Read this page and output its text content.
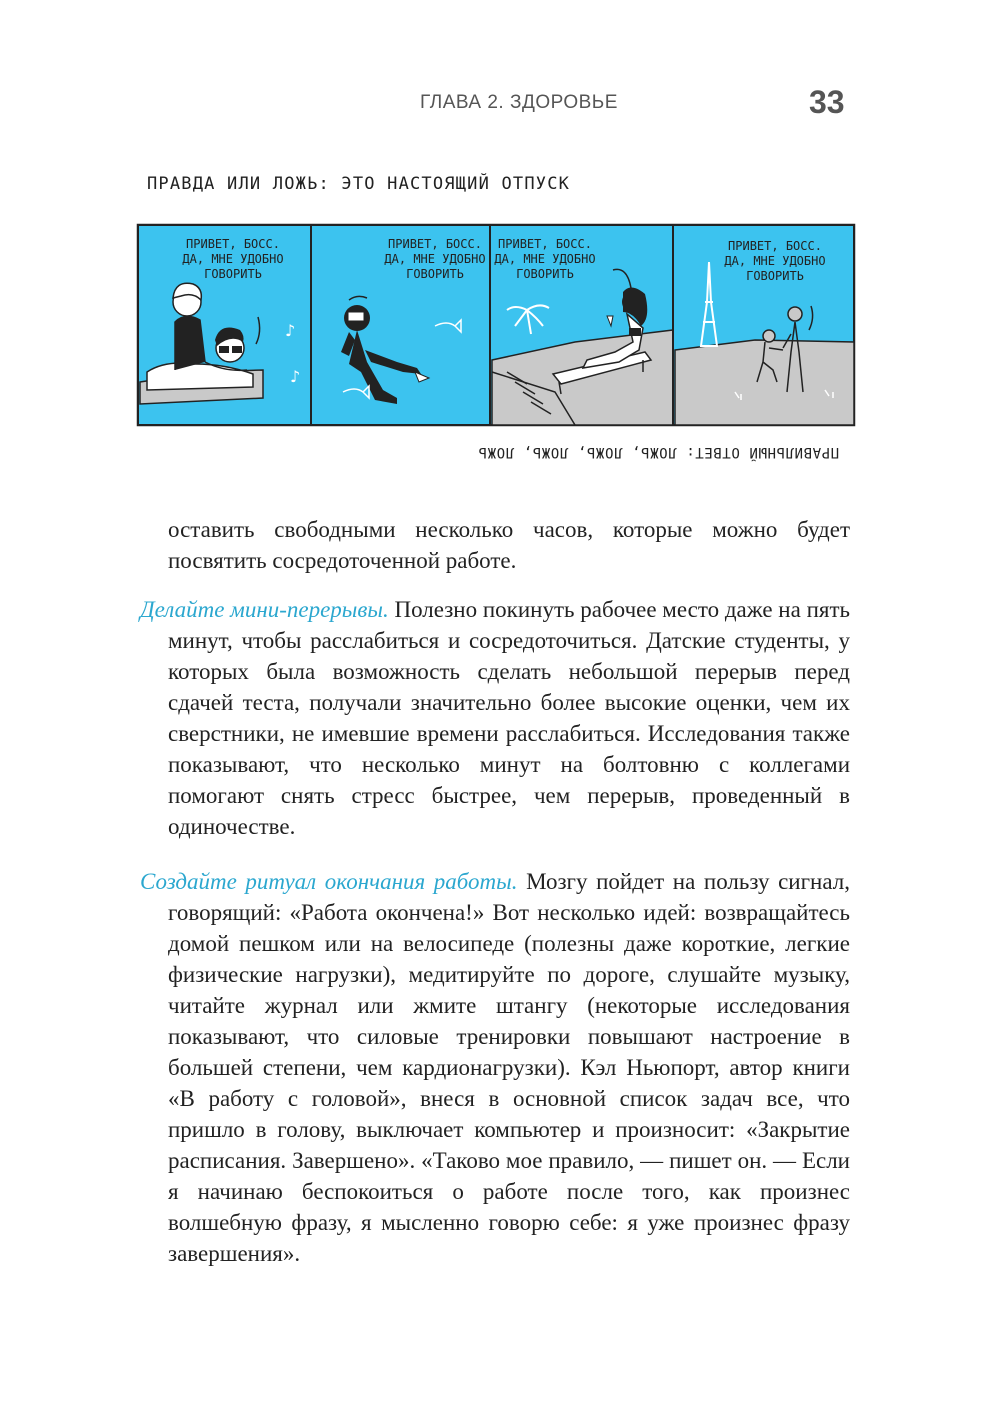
ГЛАВА 2. ЗДОРОВЬЕ	33
ПРАВДА ИЛИ ЛОЖЬ: ЭТО НАСТОЯЩИЙ ОТПУСК
♪
♪
ПРИВЕТ, БОСС.
ДА, МНЕ УДОБНО
ГОВОРИТЬ
ПРИВЕТ, БОСС.
ДА, МНЕ УДОБНО
ГОВОРИТЬ
ПРИВЕТ, БОСС.
ДА, МНЕ УДОБНО
ГОВОРИТЬ
ПРИВЕТ, БОСС.
ДА, МНЕ УДОБНО
ГОВОРИТЬ
ПРАВИЛЬНЫЙ ОТВЕТ: ЛОЖЬ, ЛОЖЬ, ЛОЖЬ, ЛОЖЬ
оставить свободными несколько часов, которые можно будет посвятить сосредоточенной работе.
Делайте мини-перерывы. Полезно покинуть рабочее место даже на пять минут, чтобы расслабиться и сосредоточиться. Датские студенты, у которых была возможность сделать небольшой перерыв перед сдачей теста, получали значительно более высокие оценки, чем их сверстники, не имевшие времени расслабиться. Исследования также показывают, что несколько минут на болтовню с коллегами помогают снять стресс быстрее, чем перерыв, проведенный в одиночестве.
Создайте ритуал окончания работы. Мозгу пойдет на пользу сигнал, говорящий: «Работа окончена!» Вот несколько идей: возвращайтесь домой пешком или на велосипеде (полезны даже короткие, легкие физические нагрузки), медитируйте по дороге, слушайте музыку, читайте журнал или жмите штангу (некоторые исследования показывают, что силовые тренировки повышают настроение в большей степени, чем кардионагрузки). Кэл Ньюпорт, автор книги «В работу с головой», внеся в основной список задач все, что пришло в голову, выключает компьютер и произносит: «Закрытие расписания. Завершено». «Таково мое правило, — пишет он. — Если я начинаю беспокоиться о работе после того, как произнес волшебную фразу, я мысленно говорю себе: я уже произнес фразу завершения».
